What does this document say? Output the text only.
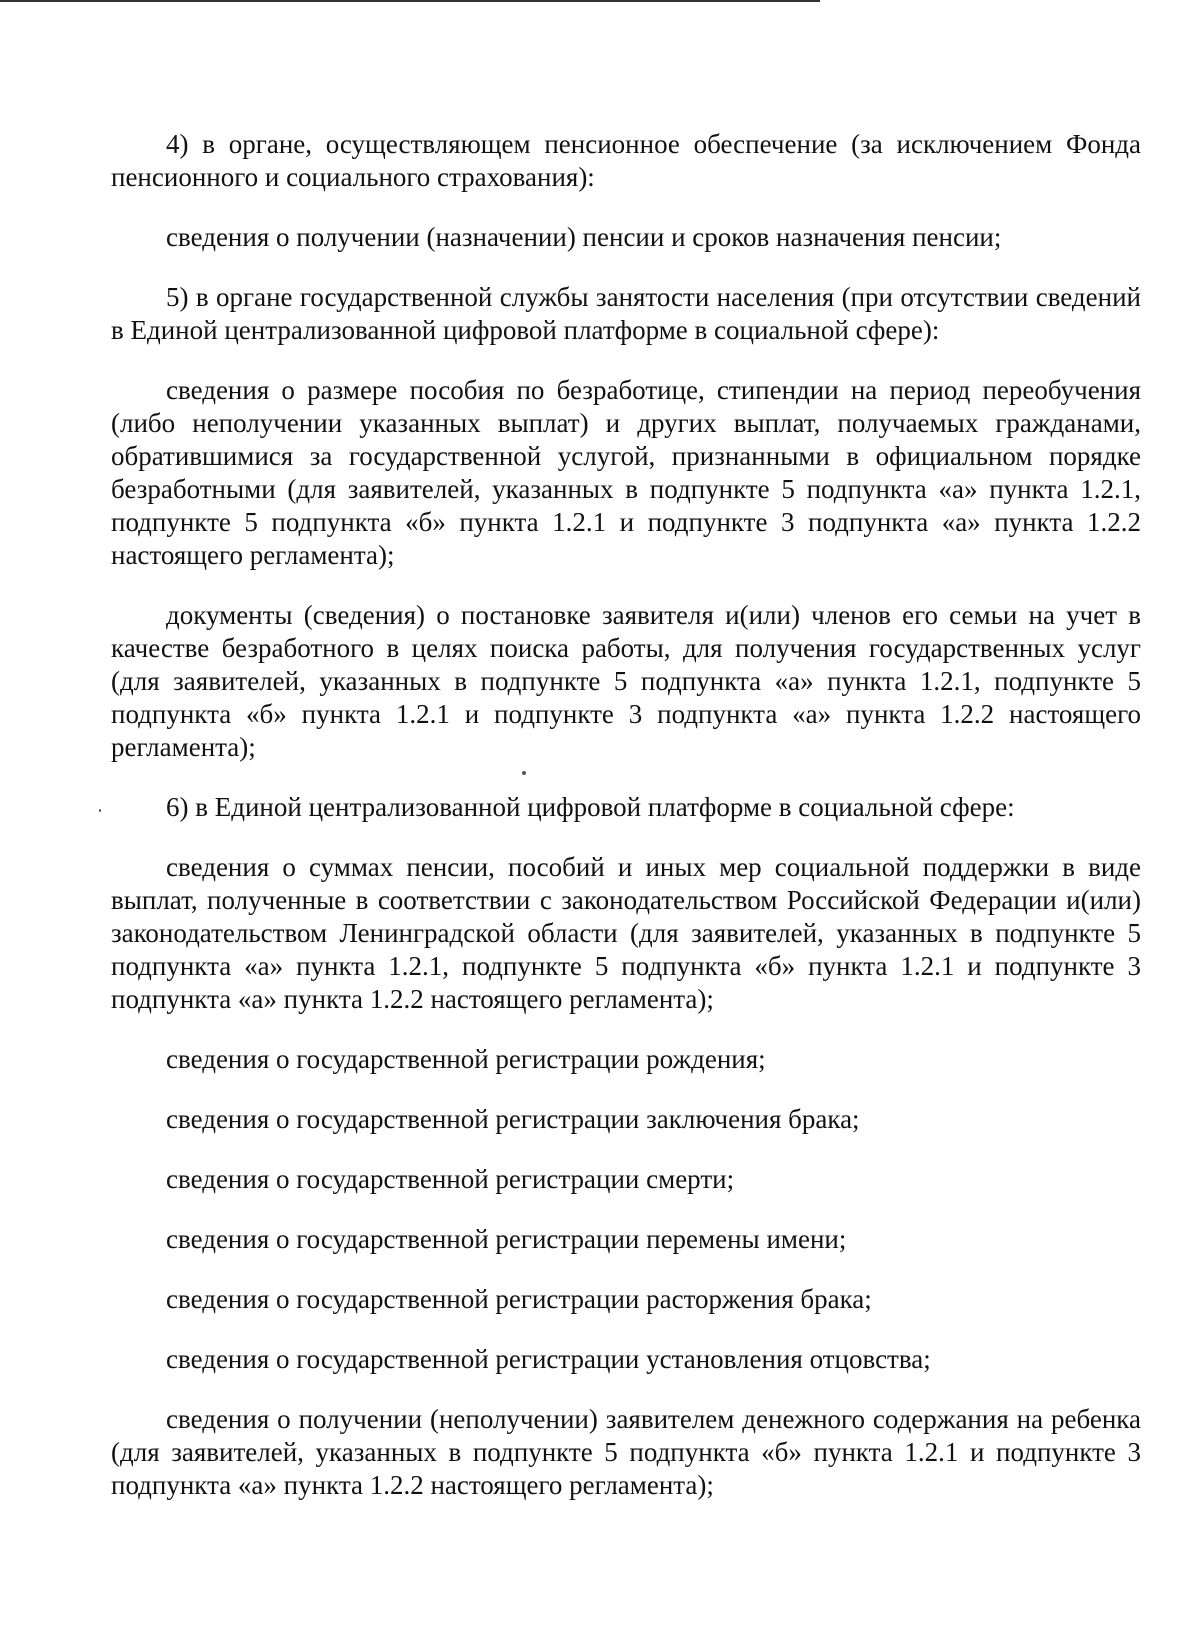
4) в органе, осуществляющем пенсионное обеспечение (за исключением Фонда пенсионного и социального страхования):

сведения о получении (назначении) пенсии и сроков назначения пенсии;

5) в органе государственной службы занятости населения (при отсутствии сведений в Единой централизованной цифровой платформе в социальной сфере):

сведения о размере пособия по безработице, стипендии на период переобучения (либо неполучении указанных выплат) и других выплат, получаемых гражданами, обратившимися за государственной услугой, признанными в официальном порядке безработными (для заявителей, указанных в подпункте 5 подпункта «а» пункта 1.2.1, подпункте 5 подпункта «б» пункта 1.2.1 и подпункте 3 подпункта «а» пункта 1.2.2 настоящего регламента);

документы (сведения) о постановке заявителя и(или) членов его семьи на учет в качестве безработного в целях поиска работы, для получения государственных услуг (для заявителей, указанных в подпункте 5 подпункта «а» пункта 1.2.1, подпункте 5 подпункта «б» пункта 1.2.1 и подпункте 3 подпункта «а» пункта 1.2.2 настоящего регламента);

6) в Единой централизованной цифровой платформе в социальной сфере:

сведения о суммах пенсии, пособий и иных мер социальной поддержки в виде выплат, полученные в соответствии с законодательством Российской Федерации и(или) законодательством Ленинградской области (для заявителей, указанных в подпункте 5 подпункта «а» пункта 1.2.1, подпункте 5 подпункта «б» пункта 1.2.1 и подпункте 3 подпункта «а» пункта 1.2.2 настоящего регламента);

сведения о государственной регистрации рождения;

сведения о государственной регистрации заключения брака;

сведения о государственной регистрации смерти;

сведения о государственной регистрации перемены имени;

сведения о государственной регистрации расторжения брака;

сведения о государственной регистрации установления отцовства;

сведения о получении (неполучении) заявителем денежного содержания на ребенка (для заявителей, указанных в подпункте 5 подпункта «б» пункта 1.2.1 и подпункте 3 подпункта «а» пункта 1.2.2 настоящего регламента);
